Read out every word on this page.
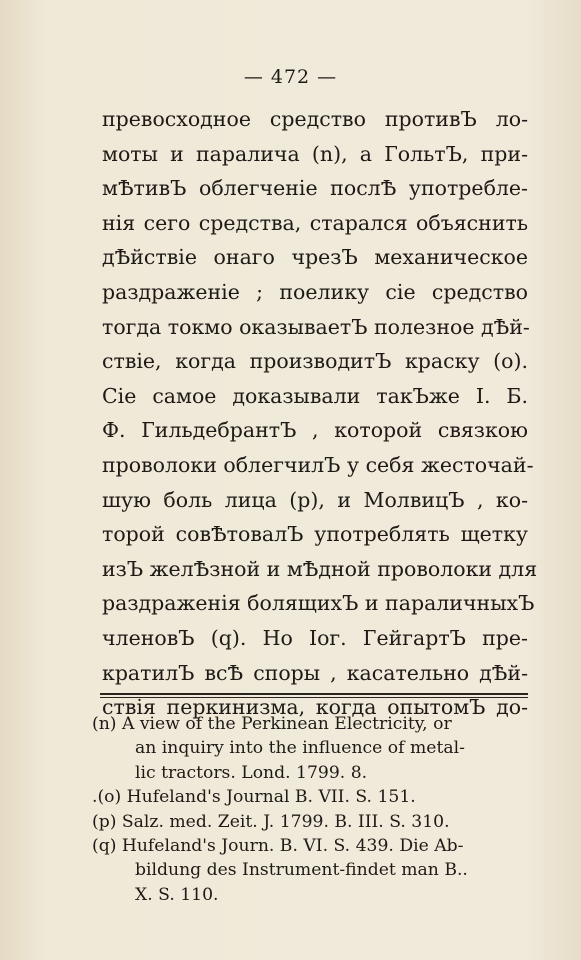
— 472 —
превосходное средство противЪ ло-
моты и паралича (n), а ГольтЪ, при-
мѢтивЪ облегченіе послѢ употребле-
нія сего средства, старался объяснить
дѢйствіе онаго чрезЪ механическое
раздраженіе ; поелику сіе средство
тогда токмо оказываетЪ полезное дѢй-
ствіе, когда производитЪ краску (o).
Сіе самое доказывали такЪже І. Б.
Ф. ГильдебрантЪ , которой связкою
проволоки облегчилЪ у себя жесточай-
шую боль лица (p), и МолвицЪ , ко-
торой совѢтовалЪ употреблять щетку
изЪ желѢзной и мѢдной проволоки для
раздраженія болящихЪ и параличныхЪ
членовЪ (q). Но Іог. ГейгартЪ пре-
кратилЪ всѢ споры , касательно дѢй-
ствія перкинизма, когда опытомЪ до-
(n) A view of the Perkinean Electricity, or
an inquiry into the influence of metal-
lic tractors. Lond. 1799. 8.
.(o) Hufeland's Journal B. VII. S. 151.
(p) Salz. med. Zeit. J. 1799. B. III. S. 310.
(q) Hufeland's Journ. B. VI. S. 439. Die Ab-
bildung des Instrument-findet man B..
X. S. 110.
